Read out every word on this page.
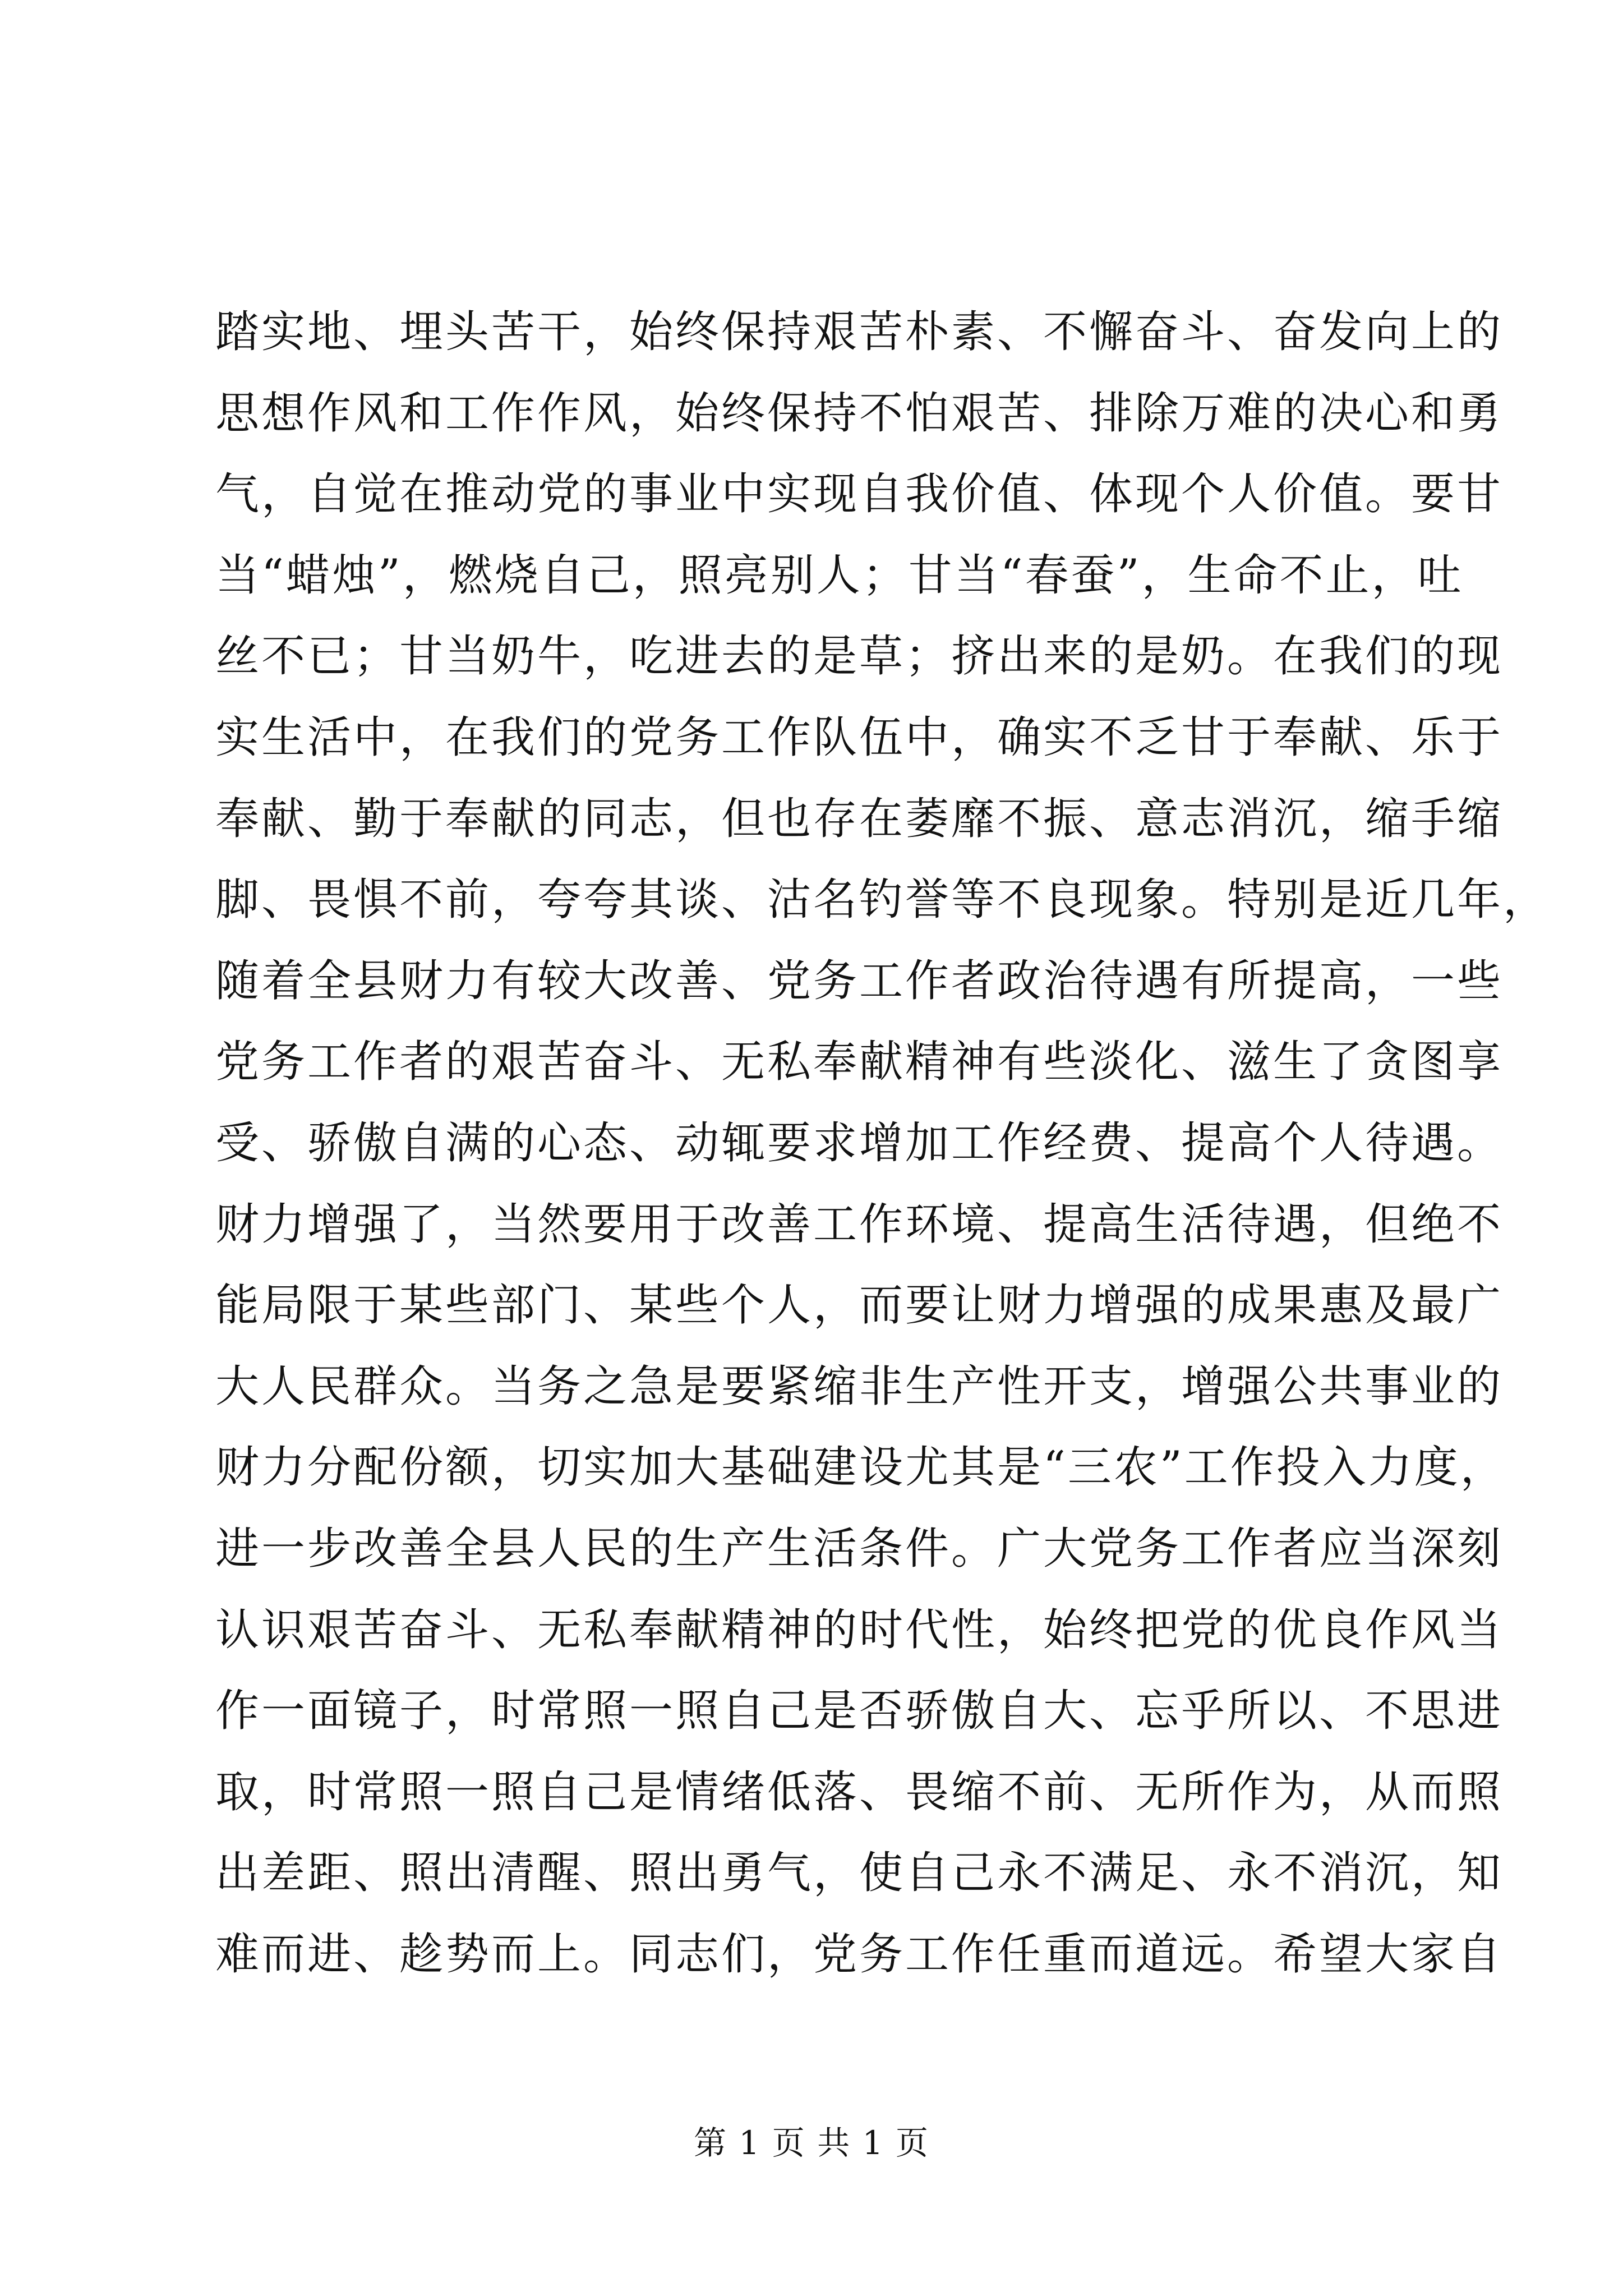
踏实地、埋头苦干，始终保持艰苦朴素、不懈奋斗、奋发向上的
思想作风和工作作风，始终保持不怕艰苦、排除万难的决心和勇
气，自觉在推动党的事业中实现自我价值、体现个人价值。要甘
当“蜡烛”，燃烧自己，照亮别人；甘当“春蚕”，生命不止，吐
丝不已；甘当奶牛，吃进去的是草；挤出来的是奶。在我们的现
实生活中，在我们的党务工作队伍中，确实不乏甘于奉献、乐于
奉献、勤于奉献的同志，但也存在萎靡不振、意志消沉，缩手缩
脚、畏惧不前，夸夸其谈、沽名钓誉等不良现象。特别是近几年，
随着全县财力有较大改善、党务工作者政治待遇有所提高，一些
党务工作者的艰苦奋斗、无私奉献精神有些淡化、滋生了贪图享
受、骄傲自满的心态、动辄要求增加工作经费、提高个人待遇。
财力增强了，当然要用于改善工作环境、提高生活待遇，但绝不
能局限于某些部门、某些个人，而要让财力增强的成果惠及最广
大人民群众。当务之急是要紧缩非生产性开支，增强公共事业的
财力分配份额，切实加大基础建设尤其是“三农”工作投入力度，
进一步改善全县人民的生产生活条件。广大党务工作者应当深刻
认识艰苦奋斗、无私奉献精神的时代性，始终把党的优良作风当
作一面镜子，时常照一照自己是否骄傲自大、忘乎所以、不思进
取，时常照一照自己是情绪低落、畏缩不前、无所作为，从而照
出差距、照出清醒、照出勇气，使自己永不满足、永不消沉，知
难而进、趁势而上。同志们，党务工作任重而道远。希望大家自
第 1 页 共 1 页
